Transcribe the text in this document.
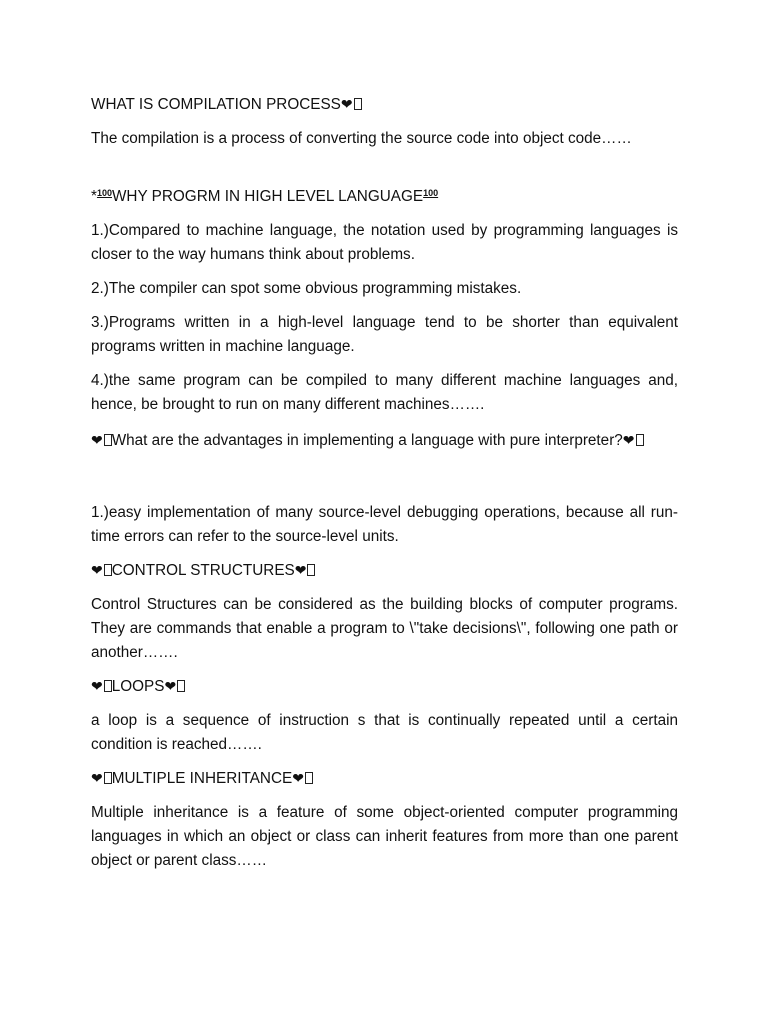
WHAT IS COMPILATION PROCESS❤

The compilation is a process of converting the source code into object code……

*$^{100}$WHY PROGRM IN HIGH LEVEL LANGUAGE$^{100}$

1.)Compared to machine language, the notation used by programming languages is closer to the way humans think about problems.

2.)The compiler can spot some obvious programming mistakes.

3.)Programs written in a high-level language tend to be shorter than equivalent programs written in machine language.

4.)the same program can be compiled to many different machine languages and, hence, be brought to run on many different machines…….

❤ What are the advantages in implementing a language with pure interpreter?❤

1.)easy implementation of many source-level debugging operations, because all run-time errors can refer to the source-level units.

❤ CONTROL STRUCTURES❤

Control Structures can be considered as the building blocks of computer programs. They are commands that enable a program to \"take decisions\", following one path or another…….

❤ LOOPS❤

a loop is a sequence of instruction s that is continually repeated until a certain condition is reached…….

❤ MULTIPLE INHERITANCE❤

Multiple inheritance is a feature of some object-oriented computer programming languages in which an object or class can inherit features from more than one parent object or parent class……
